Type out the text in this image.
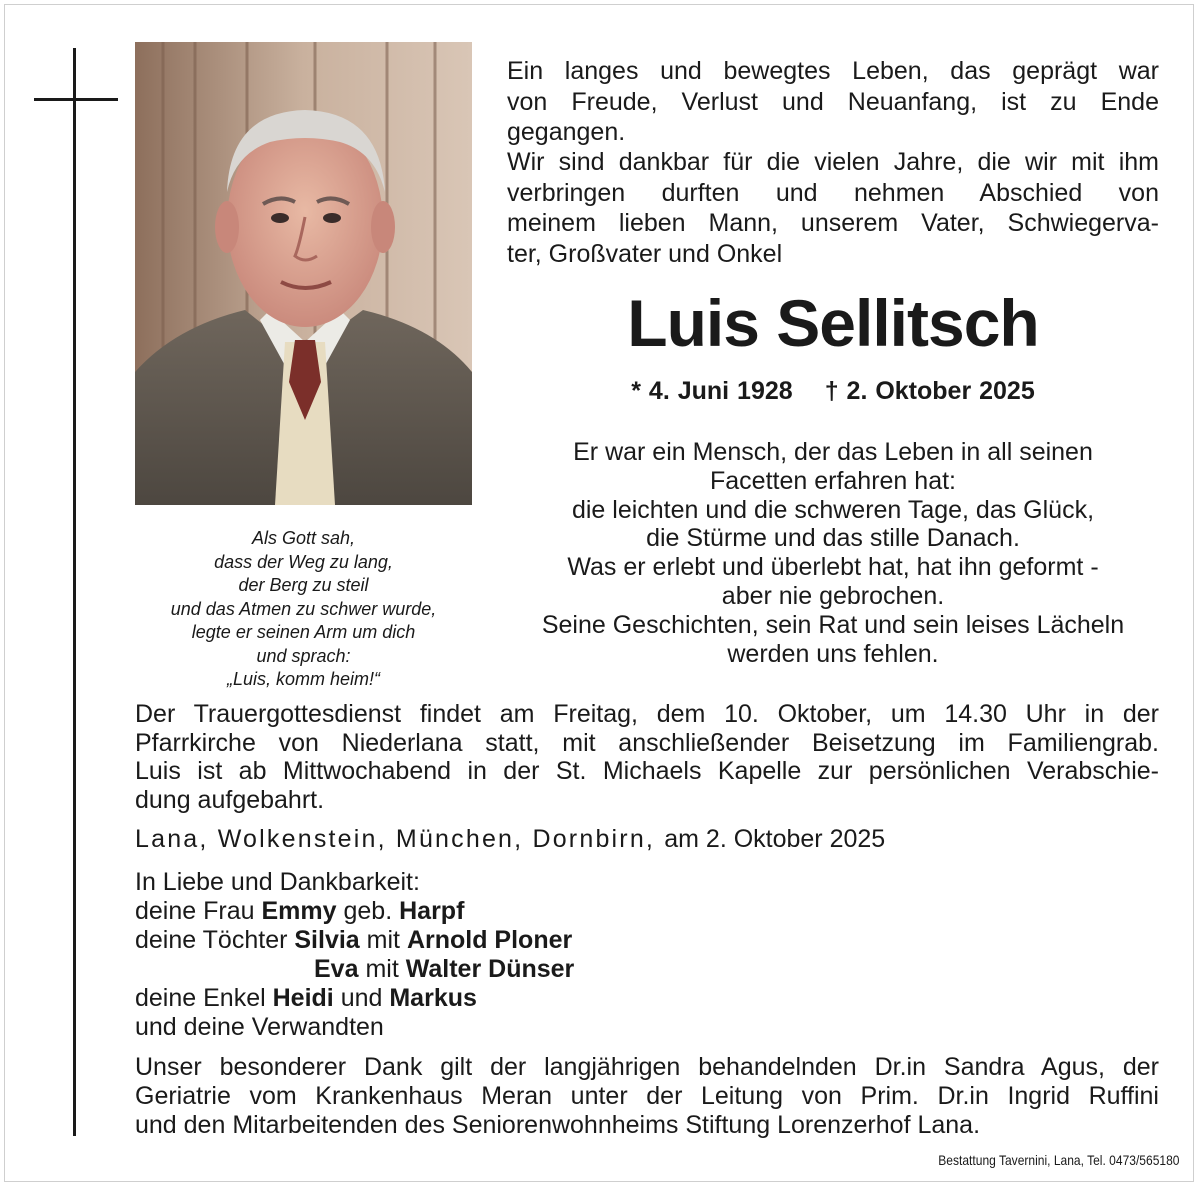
Als Gott sah,
dass der Weg zu lang,
der Berg zu steil
und das Atmen zu schwer wurde,
legte er seinen Arm um dich
und sprach:
„Luis, komm heim!“
Ein langes und bewegtes Leben, das geprägt war
von Freude, Verlust und Neuanfang, ist zu Ende
gegangen.
Wir sind dankbar für die vielen Jahre, die wir mit ihm
verbringen durften und nehmen Abschied von
meinem lieben Mann, unserem Vater, Schwiegerva-
ter, Großvater und Onkel
Luis Sellitsch
* 4. Juni 1928 † 2. Oktober 2025
Er war ein Mensch, der das Leben in all seinen
Facetten erfahren hat:
die leichten und die schweren Tage, das Glück,
die Stürme und das stille Danach.
Was er erlebt und überlebt hat, hat ihn geformt -
aber nie gebrochen.
Seine Geschichten, sein Rat und sein leises Lächeln
werden uns fehlen.
Der Trauergottesdienst findet am Freitag, dem 10. Oktober, um 14.30 Uhr in der
Pfarrkirche von Niederlana statt, mit anschließender Beisetzung im Familiengrab.
Luis ist ab Mittwochabend in der St. Michaels Kapelle zur persönlichen Verabschie-
dung aufgebahrt.
Lana, Wolkenstein, München, Dornbirn, am 2. Oktober 2025
In Liebe und Dankbarkeit:
deine Frau Emmy geb. Harpf
deine Töchter Silvia mit Arnold Ploner
Eva mit Walter Dünser
deine Enkel Heidi und Markus
und deine Verwandten
Unser besonderer Dank gilt der langjährigen behandelnden Dr.in Sandra Agus, der
Geriatrie vom Krankenhaus Meran unter der Leitung von Prim. Dr.in Ingrid Ruffini
und den Mitarbeitenden des Seniorenwohnheims Stiftung Lorenzerhof Lana.
Bestattung Tavernini, Lana, Tel. 0473/565180
